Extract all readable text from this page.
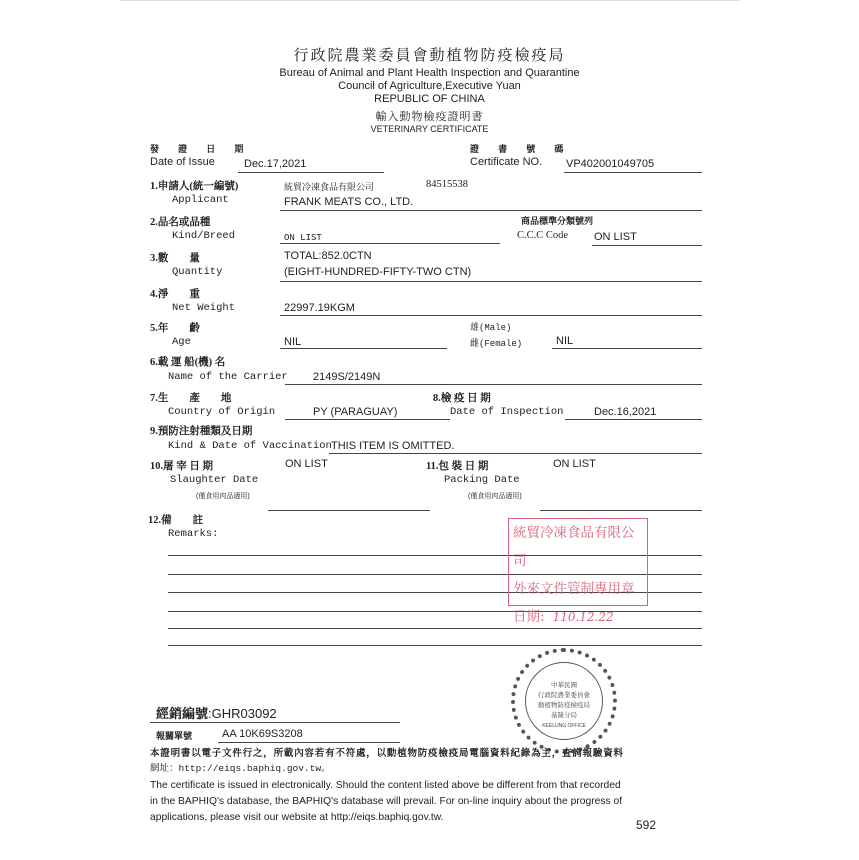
行政院農業委員會動植物防疫檢疫局
Bureau of Animal and Plant Health Inspection and Quarantine
Council of Agriculture,Executive Yuan
REPUBLIC OF CHINA
輸入動物檢疫證明書
VETERINARY CERTIFICATE
發 證 日 期
Date of Issue	Dec.17,2021
證 書 號 碼
Certificate NO. VP402001049705
1.申請人(統一編號)
Applicant
統貿冷凍食品有限公司	84515538
FRANK MEATS CO., LTD.
2.品名或品種
Kind/Breed	ON LIST
商品標準分類號列
C.C.C Code ON LIST
3.數　　量
Quantity
TOTAL:852.0CTN
(EIGHT-HUNDRED-FIFTY-TWO CTN)
4.淨　　重
Net Weight	22997.19KGM
5.年　　齡
Age	NIL
雄(Male)
雌(Female)	NIL
6.載 運 船(機) 名
Name of the Carrier 2149S/2149N
7.生　　產　　地
Country of Origin	PY (PARAGUAY)
8.檢 疫 日 期
Date of Inspection	Dec.16,2021
9.預防注射種類及日期
Kind & Date of Vaccination THIS ITEM IS OMITTED.
10.屠 宰 日 期
Slaughter Date
(僅食用肉品適用)
ON LIST	11.包 裝 日 期
Packing Date
(僅食用肉品適用)
ON LIST
12.備　　註
Remarks:	統貿冷凍食品有限公司
外來文件管制專用章
日期: 110.12.22
中華民國
行政院農業委員會
動植物防疫檢疫局
基隆分局
KEELUNG OFFICE
經銷編號:GHR03092
報關單號	AA 10K69S3208
本證明書以電子文件行之，所載內容若有不符處，以動植物防疫檢疫局電腦資料紀錄為主，查詢報驗資料
網址：http://eiqs.baphiq.gov.tw。
The certificate is issued in electronically. Should the content listed above be different from that recorded
in the BAPHIQ's database, the BAPHIQ's database will prevail. For on-line inquiry about the progress of
applications, please visit our website at http://eiqs.baphiq.gov.tw.
592
